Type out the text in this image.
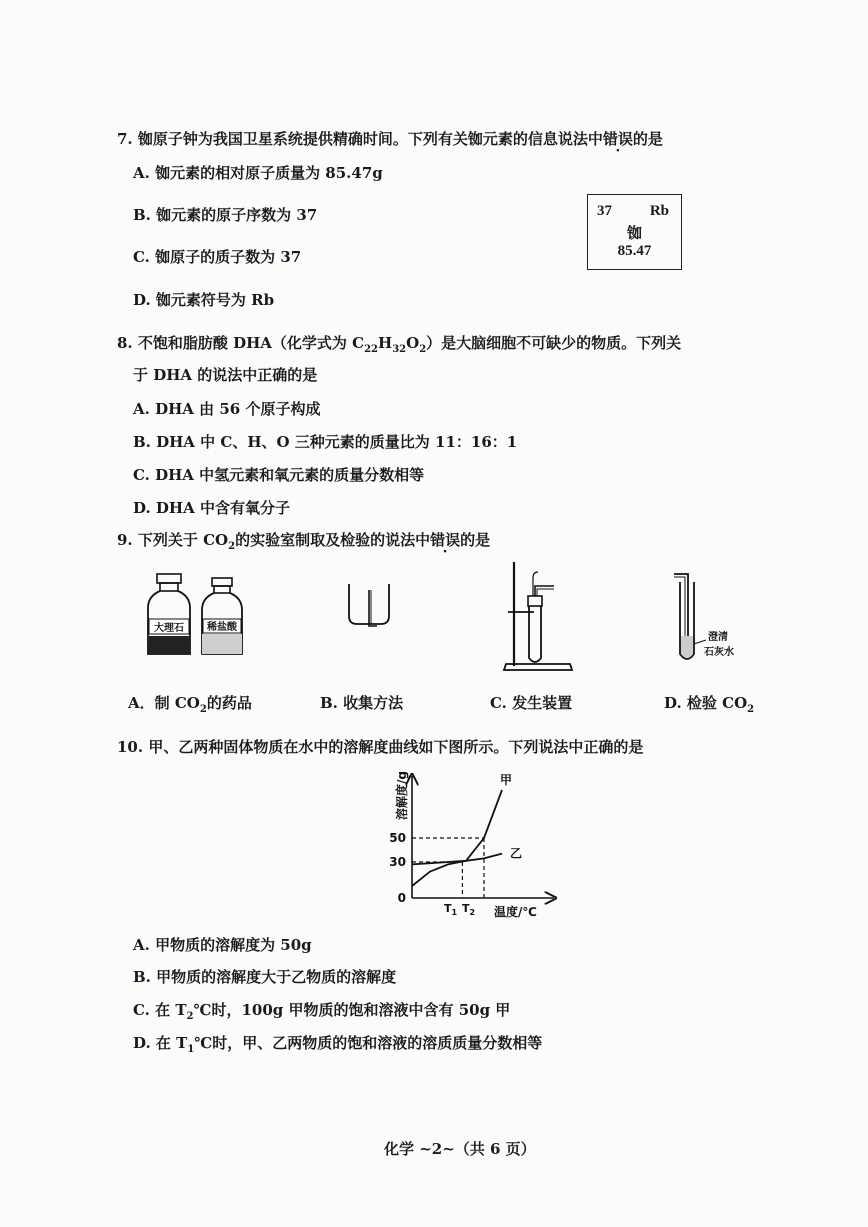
7. 铷原子钟为我国卫星系统提供精确时间。下列有关铷元素的信息说法中错误的是
A. 铷元素的相对原子质量为 85.47g
B. 铷元素的原子序数为 37
C. 铷原子的质子数为 37
D. 铷元素符号为 Rb
37	Rb
铷
85.47
8. 不饱和脂肪酸 DHA（化学式为 $C_{22}H_{32}O_2$）是大脑细胞不可缺少的物质。下列关
于 DHA 的说法中正确的是
A. DHA 由 56 个原子构成
B. DHA 中 C、H、O 三种元素的质量比为 11：16：1
C. DHA 中氢元素和氧元素的质量分数相等
D. DHA 中含有氧分子
9. 下列关于 $CO_2$的实验室制取及检验的说法中错误的是
大理石 稀盐酸
澄清
石灰水
A．制 $CO_2$的药品	B. 收集方法	C. 发生装置	D. 检验 $CO_2$
10. 甲、乙两种固体物质在水中的溶解度曲线如下图所示。下列说法中正确的是
溶解度/g
温度/℃
0
30
50
$T_1$ $T_2$
甲
乙
A. 甲物质的溶解度为 50g
B. 甲物质的溶解度大于乙物质的溶解度
C. 在 $T_2℃$时，100g 甲物质的饱和溶液中含有 50g 甲
D. 在 $T_1℃$时，甲、乙两物质的饱和溶液的溶质质量分数相等
化学 ~2~（共 6 页）
